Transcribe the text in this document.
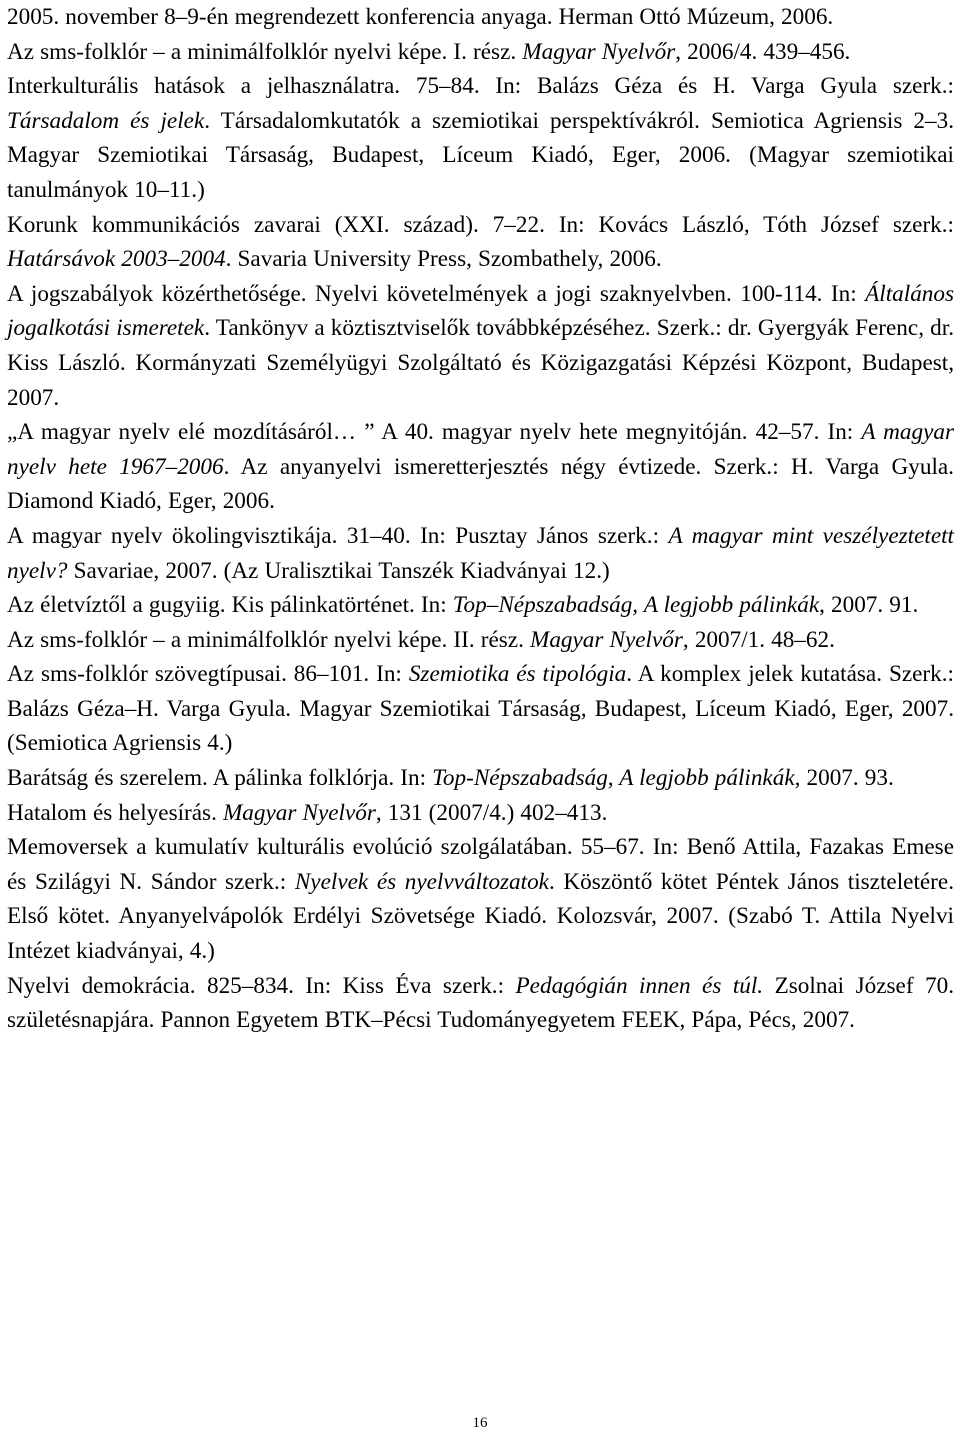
2005. november 8–9-én megrendezett konferencia anyaga. Herman Ottó Múzeum, 2006.
Az sms-folklór – a minimálfolklór nyelvi képe. I. rész. Magyar Nyelvőr, 2006/4. 439–456.
Interkulturális hatások a jelhasználatra. 75–84. In: Balázs Géza és H. Varga Gyula szerk.: Társadalom és jelek. Társadalomkutatók a szemiotikai perspektívákról. Semiotica Agriensis 2–3. Magyar Szemiotikai Társaság, Budapest, Líceum Kiadó, Eger, 2006. (Magyar szemiotikai tanulmányok 10–11.)
Korunk kommunikációs zavarai (XXI. század). 7–22. In: Kovács László, Tóth József szerk.: Határsávok 2003–2004. Savaria University Press, Szombathely, 2006.
A jogszabályok közérthetősége. Nyelvi követelmények a jogi szaknyelvben. 100-114. In: Általános jogalkotási ismeretek. Tankönyv a köztisztviselők továbbképzéséhez. Szerk.: dr. Gyergyák Ferenc, dr. Kiss László. Kormányzati Személyügyi Szolgáltató és Közigazgatási Képzési Központ, Budapest, 2007.
„A magyar nyelv elé mozdításáról… ” A 40. magyar nyelv hete megnyitóján. 42–57. In: A magyar nyelv hete 1967–2006. Az anyanyelvi ismeretterjesztés négy évtizede. Szerk.: H. Varga Gyula. Diamond Kiadó, Eger, 2006.
A magyar nyelv ökolingvisztikája. 31–40. In: Pusztay János szerk.: A magyar mint veszélyeztetett nyelv? Savariae, 2007. (Az Uralisztikai Tanszék Kiadványai 12.)
Az életvíztől a gugyiig. Kis pálinkatörténet. In: Top–Népszabadság, A legjobb pálinkák, 2007. 91.
Az sms-folklór – a minimálfolklór nyelvi képe. II. rész. Magyar Nyelvőr, 2007/1. 48–62.
Az sms-folklór szövegtípusai. 86–101. In: Szemiotika és tipológia. A komplex jelek kutatása. Szerk.: Balázs Géza–H. Varga Gyula. Magyar Szemiotikai Társaság, Budapest, Líceum Kiadó, Eger, 2007. (Semiotica Agriensis 4.)
Barátság és szerelem. A pálinka folklórja. In: Top-Népszabadság, A legjobb pálinkák, 2007. 93.
Hatalom és helyesírás. Magyar Nyelvőr, 131 (2007/4.) 402–413.
Memoversek a kumulatív kulturális evolúció szolgálatában. 55–67. In: Benő Attila, Fazakas Emese és Szilágyi N. Sándor szerk.: Nyelvek és nyelvváltozatok. Köszöntő kötet Péntek János tiszteletére. Első kötet. Anyanyelvápolók Erdélyi Szövetsége Kiadó. Kolozsvár, 2007. (Szabó T. Attila Nyelvi Intézet kiadványai, 4.)
Nyelvi demokrácia. 825–834. In: Kiss Éva szerk.: Pedagógián innen és túl. Zsolnai József 70. születésnapjára. Pannon Egyetem BTK–Pécsi Tudományegyetem FEEK, Pápa, Pécs, 2007.
16
